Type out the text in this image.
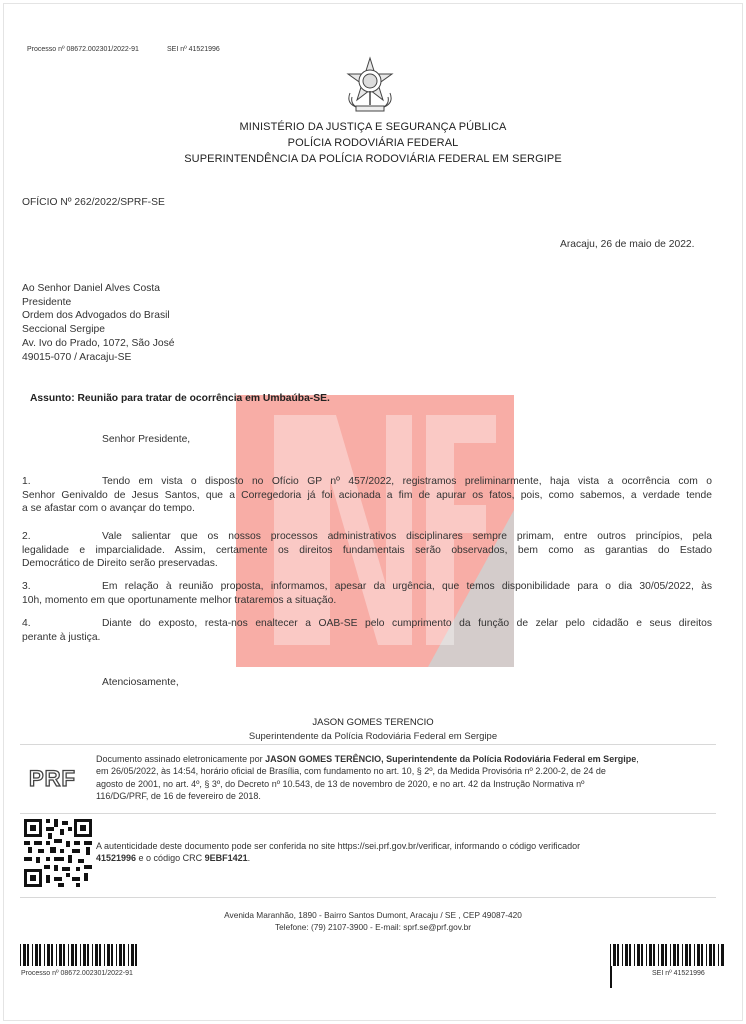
Processo nº 08672.002301/2022-91	SEI nº 41521996
MINISTÉRIO DA JUSTIÇA E SEGURANÇA PÚBLICA
POLÍCIA RODOVIÁRIA FEDERAL
SUPERINTENDÊNCIA DA POLÍCIA RODOVIÁRIA FEDERAL EM SERGIPE
OFÍCIO Nº 262/2022/SPRF-SE
Aracaju, 26 de maio de 2022.
Ao Senhor Daniel Alves Costa
Presidente
Ordem dos Advogados do Brasil
Seccional Sergipe
Av. Ivo do Prado, 1072, São José
49015-070 / Aracaju-SE
Assunto: Reunião para tratar de ocorrência em Umbaúba-SE.
Senhor Presidente,
1.	Tendo em vista o disposto no Ofício GP nº 457/2022, registramos preliminarmente, haja vista a ocorrência com o
Senhor Genivaldo de Jesus Santos, que a Corregedoria já foi acionada a fim de apurar os fatos, pois, como sabemos, a verdade tende
a se afastar com o avançar do tempo.
2.	Vale salientar que os nossos processos administrativos disciplinares sempre primam, entre outros princípios, pela
legalidade e imparcialidade. Assim, certamente os direitos fundamentais serão observados, bem como as garantias do Estado
Democrático de Direito serão preservadas.
3.	Em relação à reunião proposta, informamos, apesar da urgência, que temos disponibilidade para o dia 30/05/2022, às
10h, momento em que oportunamente melhor trataremos a situação.
4.	Diante do exposto, resta-nos enaltecer a OAB-SE pelo cumprimento da função de zelar pelo cidadão e seus direitos
perante à justiça.
Atenciosamente,
JASON GOMES TERENCIO
Superintendente da Polícia Rodoviária Federal em Sergipe
PRF
Documento assinado eletronicamente por JASON GOMES TERÊNCIO, Superintendente da Polícia Rodoviária Federal em Sergipe,
em 26/05/2022, às 14:54, horário oficial de Brasília, com fundamento no art. 10, § 2º, da Medida Provisória nº 2.200-2, de 24 de
agosto de 2001, no art. 4º, § 3º, do Decreto nº 10.543, de 13 de novembro de 2020, e no art. 42 da Instrução Normativa nº
116/DG/PRF, de 16 de fevereiro de 2018.
A autenticidade deste documento pode ser conferida no site https://sei.prf.gov.br/verificar, informando o código verificador
41521996 e o código CRC 9EBF1421.
Avenida Maranhão, 1890 - Bairro Santos Dumont, Aracaju / SE , CEP 49087-420
Telefone: (79) 2107-3900 - E-mail: sprf.se@prf.gov.br
Processo nº 08672.002301/2022-91	SEI nº 41521996
